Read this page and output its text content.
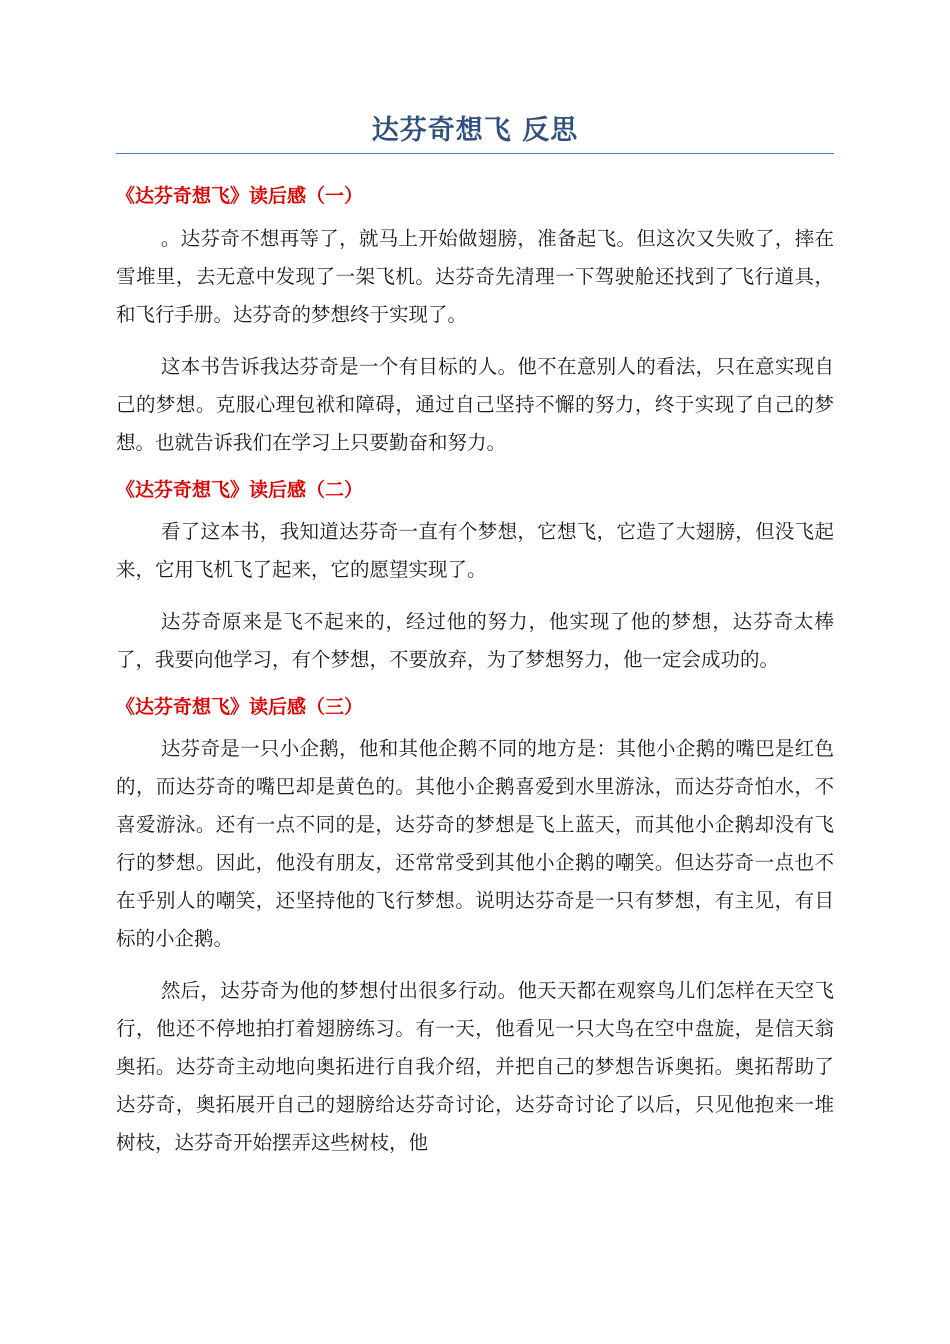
达芬奇想飞 反思
《达芬奇想飞》读后感（一）

。达芬奇不想再等了，就马上开始做翅膀，准备起飞。但这次又失败了，摔在雪堆里，去无意中发现了一架飞机。达芬奇先清理一下驾驶舱还找到了飞行道具，和飞行手册。达芬奇的梦想终于实现了。

这本书告诉我达芬奇是一个有目标的人。他不在意别人的看法，只在意实现自己的梦想。克服心理包袱和障碍，通过自己坚持不懈的努力，终于实现了自己的梦想。也就告诉我们在学习上只要勤奋和努力。

《达芬奇想飞》读后感（二）

看了这本书，我知道达芬奇一直有个梦想，它想飞，它造了大翅膀，但没飞起来，它用飞机飞了起来，它的愿望实现了。

达芬奇原来是飞不起来的，经过他的努力，他实现了他的梦想，达芬奇太棒了，我要向他学习，有个梦想，不要放弃，为了梦想努力，他一定会成功的。

《达芬奇想飞》读后感（三）

达芬奇是一只小企鹅，他和其他企鹅不同的地方是：其他小企鹅的嘴巴是红色的，而达芬奇的嘴巴却是黄色的。其他小企鹅喜爱到水里游泳，而达芬奇怕水，不喜爱游泳。还有一点不同的是，达芬奇的梦想是飞上蓝天，而其他小企鹅却没有飞行的梦想。因此，他没有朋友，还常常受到其他小企鹅的嘲笑。但达芬奇一点也不在乎别人的嘲笑，还坚持他的飞行梦想。说明达芬奇是一只有梦想，有主见，有目标的小企鹅。

然后，达芬奇为他的梦想付出很多行动。他天天都在观察鸟儿们怎样在天空飞行，他还不停地拍打着翅膀练习。有一天，他看见一只大鸟在空中盘旋，是信天翁奥拓。达芬奇主动地向奥拓进行自我介绍，并把自己的梦想告诉奥拓。奥拓帮助了达芬奇，奥拓展开自己的翅膀给达芬奇讨论，达芬奇讨论了以后，只见他抱来一堆树枝，达芬奇开始摆弄这些树枝，他
